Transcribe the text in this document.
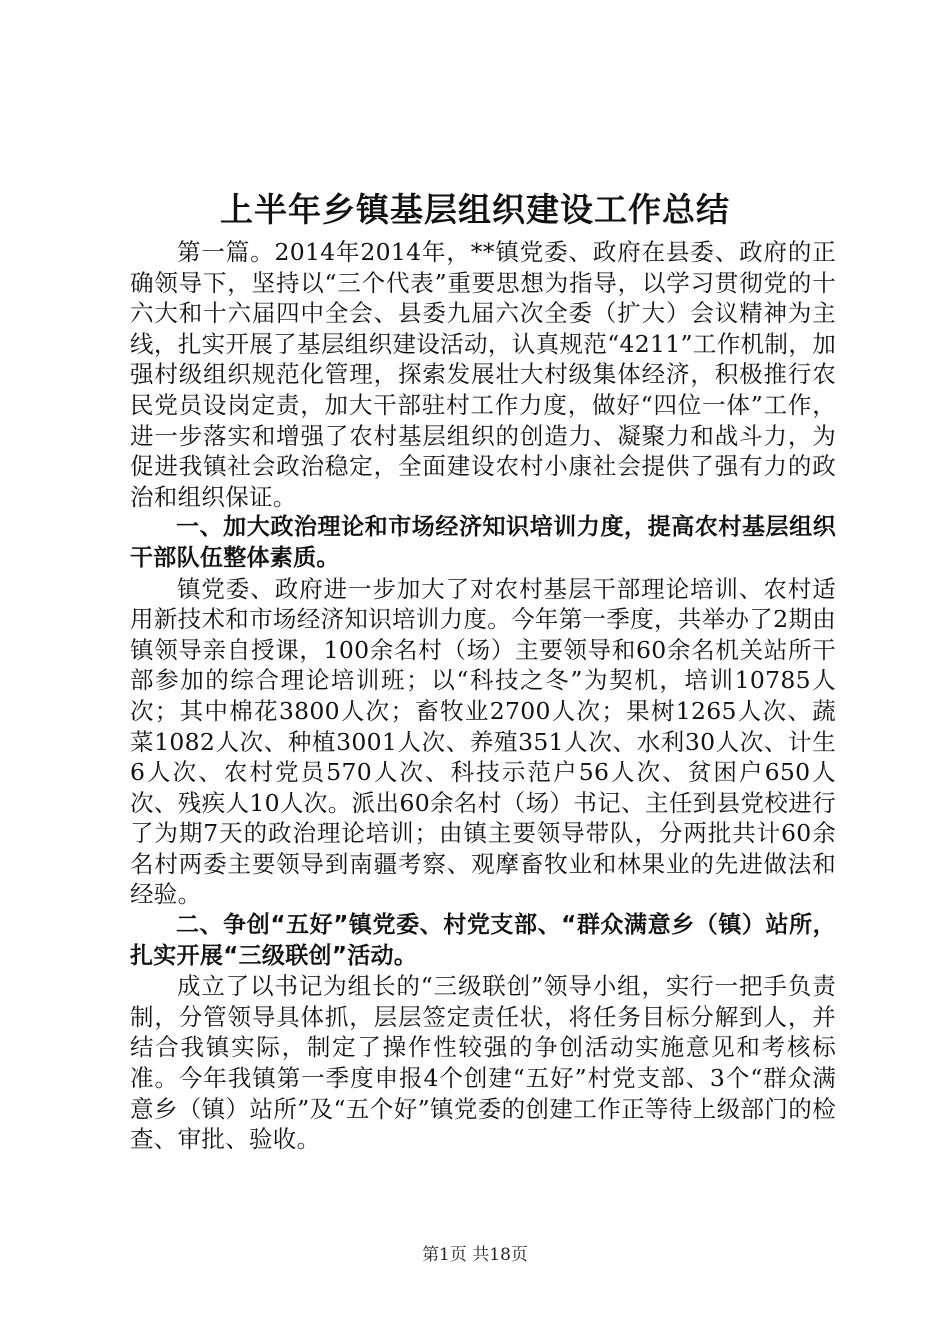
上半年乡镇基层组织建设工作总结

第一篇。2014年2014年，**镇党委、政府在县委、政府的正确领导下，坚持以“三个代表”重要思想为指导，以学习贯彻党的十六大和十六届四中全会、县委九届六次全委（扩大）会议精神为主线，扎实开展了基层组织建设活动，认真规范“4211”工作机制，加强村级组织规范化管理，探索发展壮大村级集体经济，积极推行农民党员设岗定责，加大干部驻村工作力度，做好“四位一体”工作，进一步落实和增强了农村基层组织的创造力、凝聚力和战斗力，为促进我镇社会政治稳定，全面建设农村小康社会提供了强有力的政治和组织保证。

一、加大政治理论和市场经济知识培训力度，提高农村基层组织干部队伍整体素质。

镇党委、政府进一步加大了对农村基层干部理论培训、农村适用新技术和市场经济知识培训力度。今年第一季度，共举办了2期由镇领导亲自授课，100余名村（场）主要领导和60余名机关站所干部参加的综合理论培训班；以“科技之冬”为契机，培训10785人次；其中棉花3800人次；畜牧业2700人次；果树1265人次、蔬菜1082人次、种植3001人次、养殖351人次、水利30人次、计生6人次、农村党员570人次、科技示范户56人次、贫困户650人次、残疾人10人次。派出60余名村（场）书记、主任到县党校进行了为期7天的政治理论培训；由镇主要领导带队，分两批共计60余名村两委主要领导到南疆考察、观摩畜牧业和林果业的先进做法和经验。

二、争创“五好”镇党委、村党支部、“群众满意乡（镇）站所，扎实开展“三级联创”活动。

成立了以书记为组长的“三级联创”领导小组，实行一把手负责制，分管领导具体抓，层层签定责任状，将任务目标分解到人，并结合我镇实际，制定了操作性较强的争创活动实施意见和考核标准。今年我镇第一季度申报4个创建“五好”村党支部、3个“群众满意乡（镇）站所”及“五个好”镇党委的创建工作正等待上级部门的检查、审批、验收。

第1页 共18页
